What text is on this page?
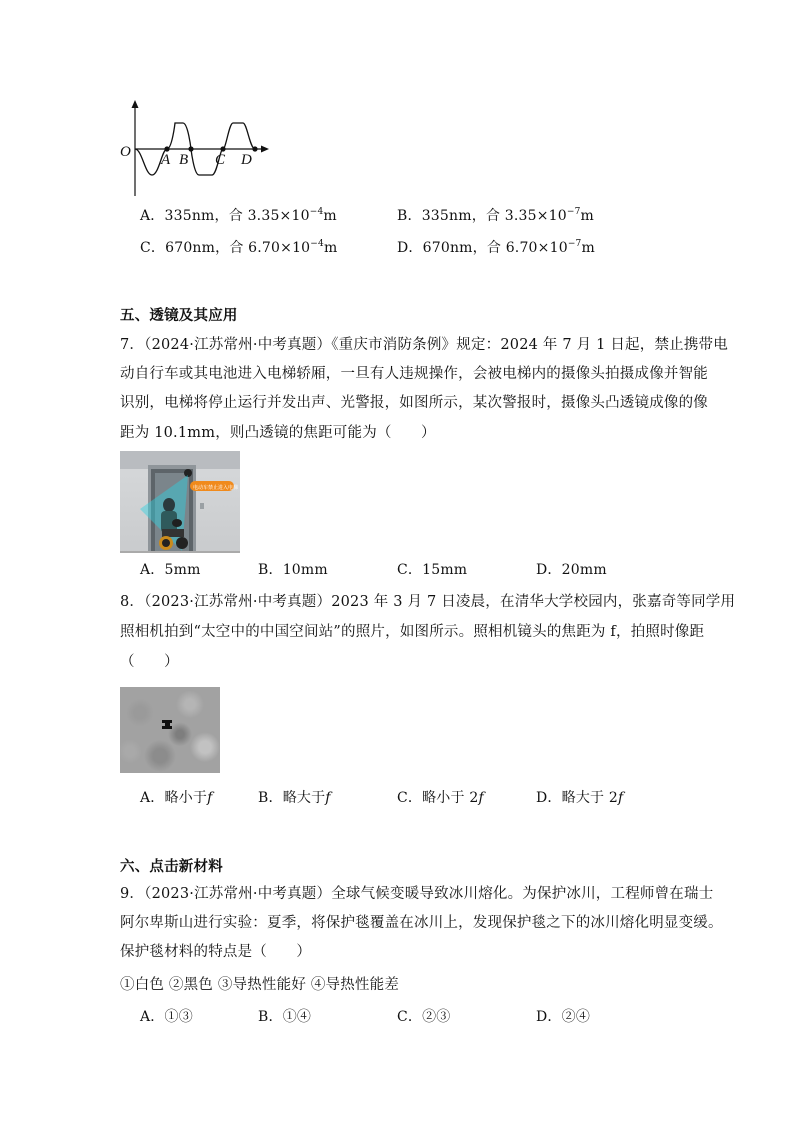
O A B C D
A．335nm，合 $3.35\times 10^{-4}m$	B．335nm，合 $3.35\times 10^{-7}m$
C．670nm，合 $6.70\times 10^{-4}m$	D．670nm，合 $6.70\times 10^{-7}m$
五、透镜及其应用
7．（2024·江苏常州·中考真题）《重庆市消防条例》规定：2024 年 7 月 1 日起，禁止携带电
动自行车或其电池进入电梯轿厢，一旦有人违规操作，会被电梯内的摄像头拍摄成像并智能
识别，电梯将停止运行并发出声、光警报，如图所示，某次警报时，摄像头凸透镜成像的像
距为 10.1mm，则凸透镜的焦距可能为（　　）
电动车禁止进入电梯
A．5mm	B．10mm	C．15mm	D．20mm
8．（2023·江苏常州·中考真题）2023 年 3 月 7 日凌晨，在清华大学校园内，张嘉奇等同学用
照相机拍到“太空中的中国空间站”的照片，如图所示。照相机镜头的焦距为 f，拍照时像距
（　　）
A．略小于f	B．略大于f	C．略小于 2f	D．略大于 2f
六、点击新材料
9．（2023·江苏常州·中考真题）全球气候变暖导致冰川熔化。为保护冰川，工程师曾在瑞士
阿尔卑斯山进行实验：夏季，将保护毯覆盖在冰川上，发现保护毯之下的冰川熔化明显变缓。
保护毯材料的特点是（　　）
①白色 ②黑色 ③导热性能好 ④导热性能差
A．①③	B．①④	C．②③	D．②④
